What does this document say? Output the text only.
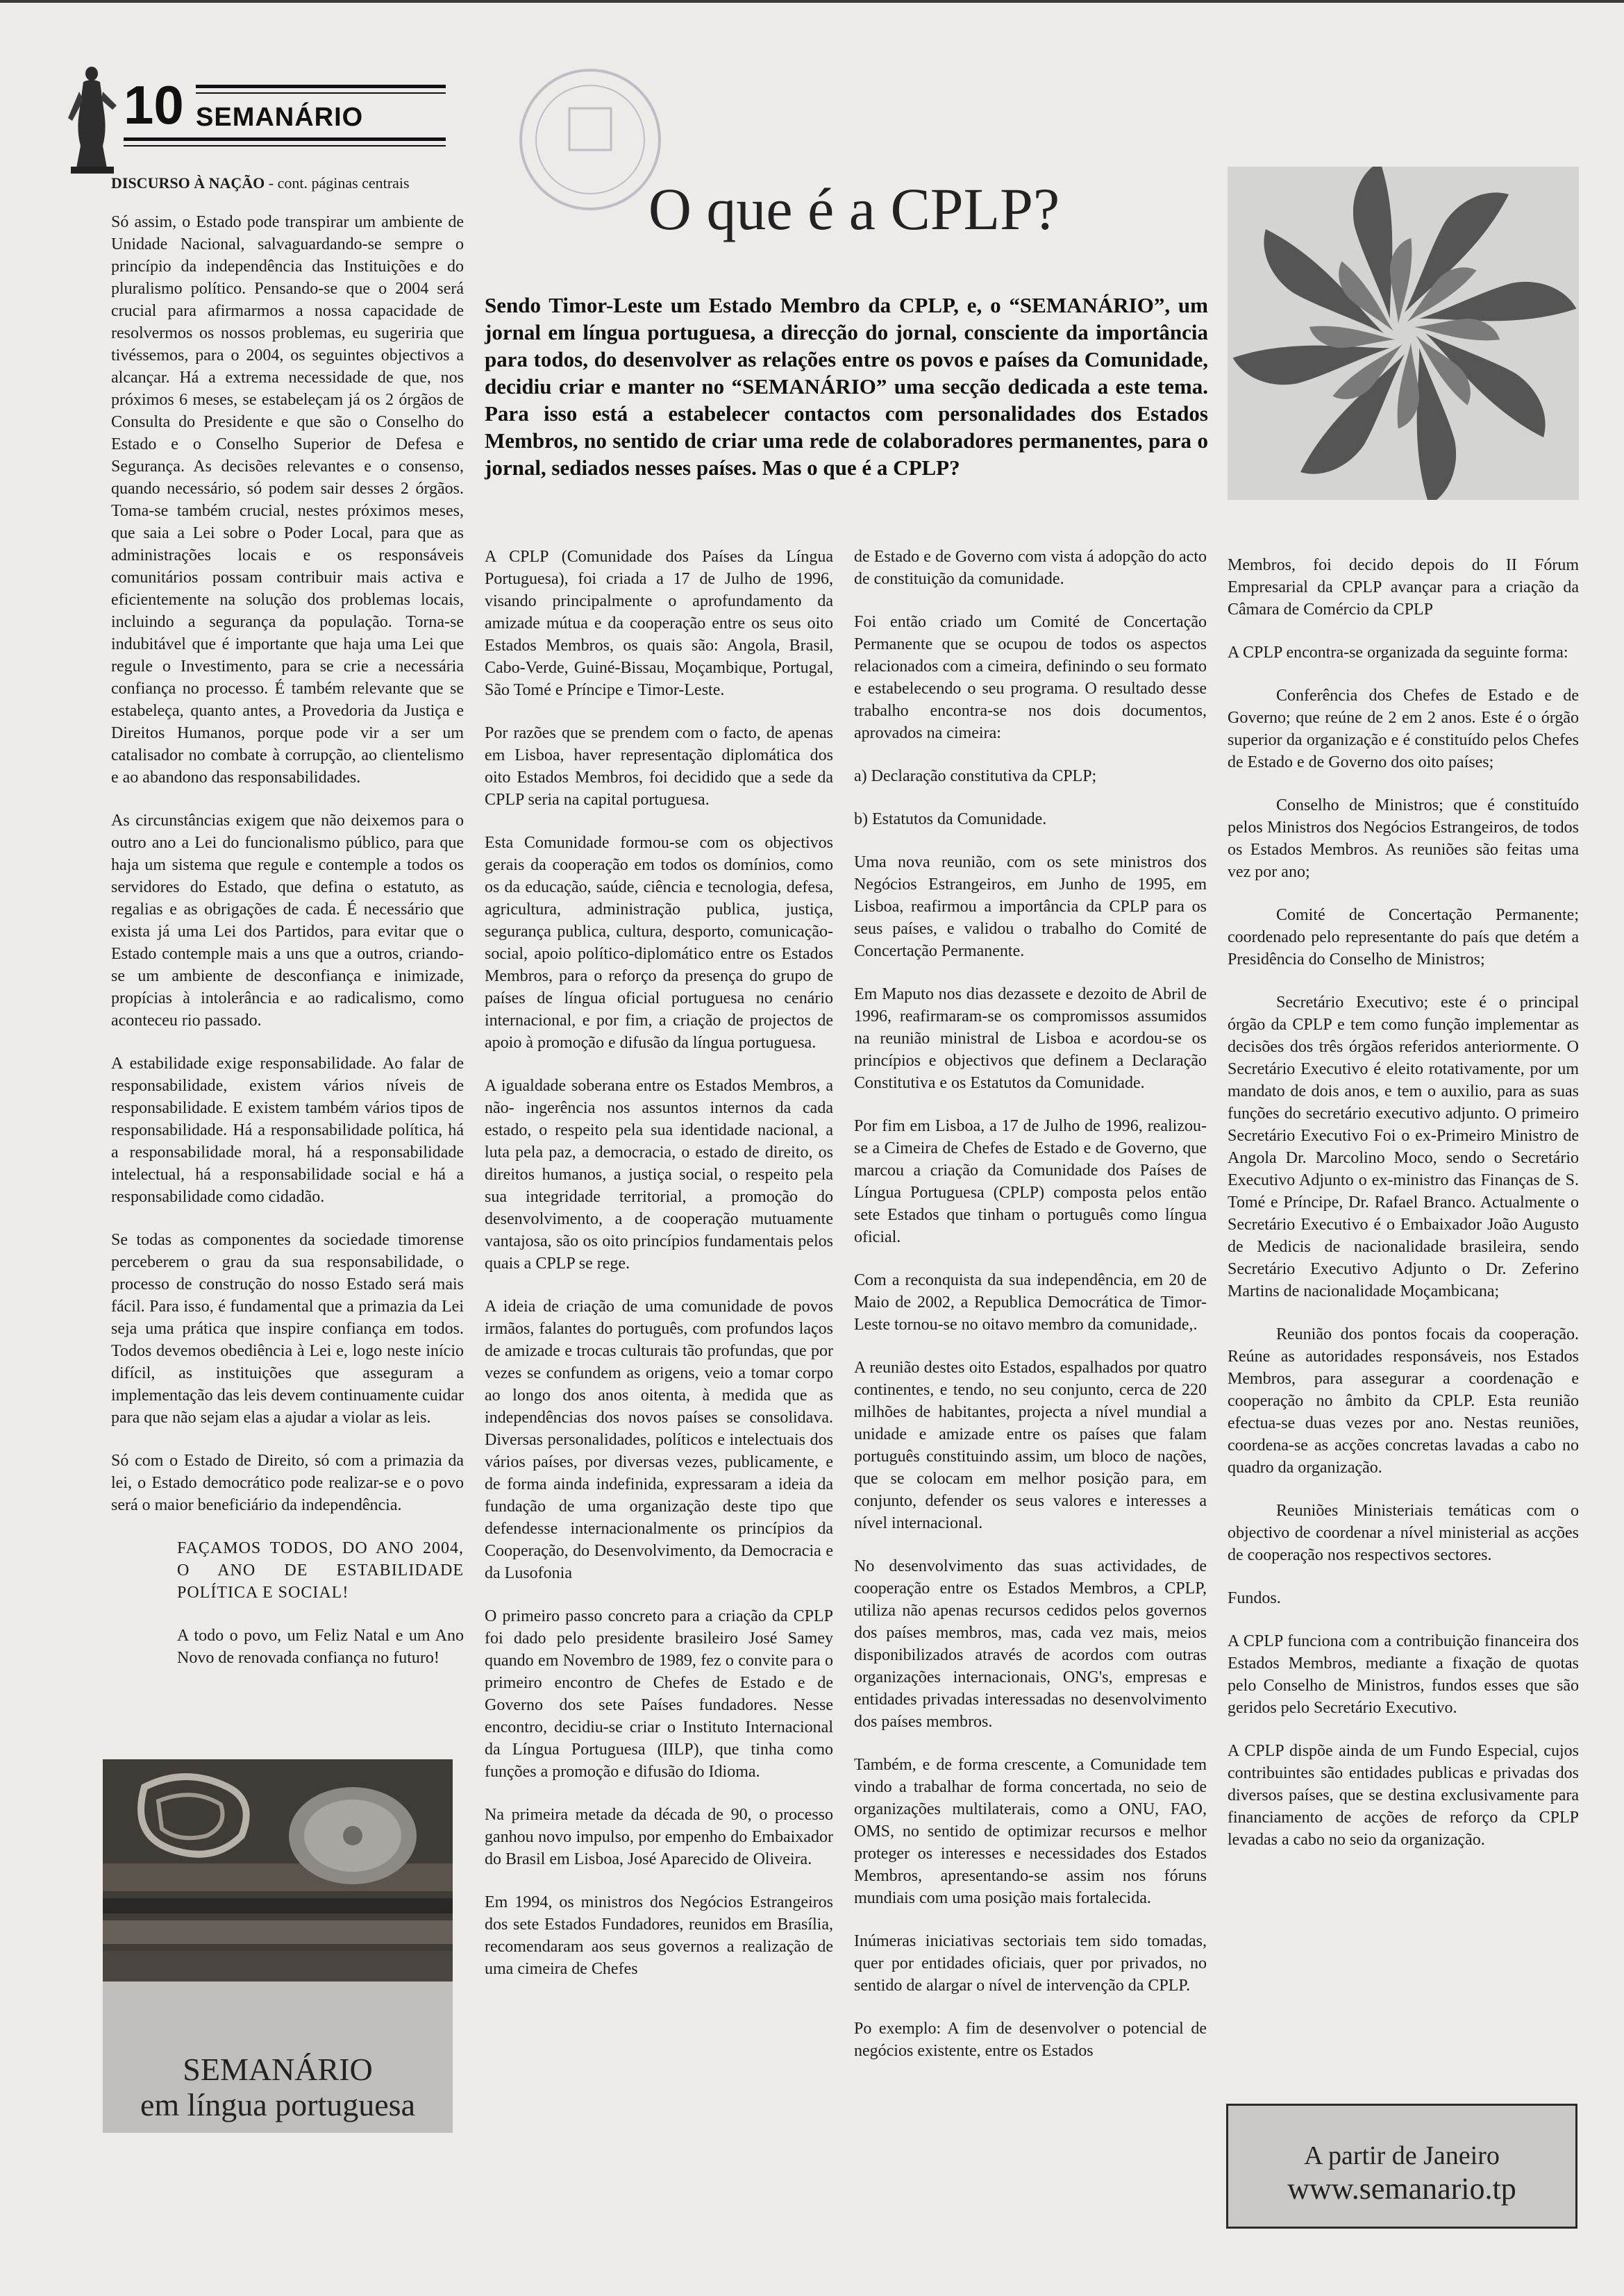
10 SEMANÁRIO

DISCURSO À NAÇÃO - cont. páginas centrais

Só assim, o Estado pode transpirar um ambiente de Unidade Nacional, salvaguardando-se sempre o princípio da independência das Instituições e do pluralismo político. Pensando-se que o 2004 será crucial para afirmarmos a nossa capacidade de resolvermos os nossos problemas, eu sugeriria que tivéssemos, para o 2004, os seguintes objectivos a alcançar. Há a extrema necessidade de que, nos próximos 6 meses, se estabeleçam já os 2 órgãos de Consulta do Presidente e que são o Conselho do Estado e o Conselho Superior de Defesa e Segurança. As decisões relevantes e o consenso, quando necessário, só podem sair desses 2 órgãos. Toma-se também crucial, nestes próximos meses, que saia a Lei sobre o Poder Local, para que as administrações locais e os responsáveis comunitários possam contribuir mais activa e eficientemente na solução dos problemas locais, incluindo a segurança da população. Torna-se indubitável que é importante que haja uma Lei que regule o Investimento, para se crie a necessária confiança no processo. É também relevante que se estabeleça, quanto antes, a Provedoria da Justiça e Direitos Humanos, porque pode vir a ser um catalisador no combate à corrupção, ao clientelismo e ao abandono das responsabilidades.

As circunstâncias exigem que não deixemos para o outro ano a Lei do funcionalismo público, para que haja um sistema que regule e contemple a todos os servidores do Estado, que defina o estatuto, as regalias e as obrigações de cada. É necessário que exista já uma Lei dos Partidos, para evitar que o Estado contemple mais a uns que a outros, criando-se um ambiente de desconfiança e inimizade, propícias à intolerância e ao radicalismo, como aconteceu rio passado.

A estabilidade exige responsabilidade. Ao falar de responsabilidade, existem vários níveis de responsabilidade. E existem também vários tipos de responsabilidade. Há a responsabilidade política, há a responsabilidade moral, há a responsabilidade intelectual, há a responsabilidade social e há a responsabilidade como cidadão.

Se todas as componentes da sociedade timorense perceberem o grau da sua responsabilidade, o processo de construção do nosso Estado será mais fácil. Para isso, é fundamental que a primazia da Lei seja uma prática que inspire confiança em todos. Todos devemos obediência à Lei e, logo neste início difícil, as instituições que asseguram a implementação das leis devem continuamente cuidar para que não sejam elas a ajudar a violar as leis.

Só com o Estado de Direito, só com a primazia da lei, o Estado democrático pode realizar-se e o povo será o maior beneficiário da independência.

FAÇAMOS TODOS, DO ANO 2004, O ANO DE ESTABILIDADE POLÍTICA E SOCIAL!

A todo o povo, um Feliz Natal e um Ano Novo de renovada confiança no futuro!

SEMANÁRIO
em língua portuguesa
O que é a CPLP?
Sendo Timor-Leste um Estado Membro da CPLP, e, o “SEMANÁRIO”, um jornal em língua portuguesa, a direcção do jornal, consciente da importância para todos, do desenvolver as relações entre os povos e países da Comunidade, decidiu criar e manter no “SEMANÁRIO” uma secção dedicada a este tema. Para isso está a estabelecer contactos com personalidades dos Estados Membros, no sentido de criar uma rede de colaboradores permanentes, para o jornal, sediados nesses países. Mas o que é a CPLP?

A CPLP (Comunidade dos Países da Língua Portuguesa), foi criada a 17 de Julho de 1996, visando principalmente o aprofundamento da amizade mútua e da cooperação entre os seus oito Estados Membros, os quais são: Angola, Brasil, Cabo-Verde, Guiné-Bissau, Moçambique, Portugal, São Tomé e Príncipe e Timor-Leste.

Por razões que se prendem com o facto, de apenas em Lisboa, haver representação diplomática dos oito Estados Membros, foi decidido que a sede da CPLP seria na capital portuguesa.

Esta Comunidade formou-se com os objectivos gerais da cooperação em todos os domínios, como os da educação, saúde, ciência e tecnologia, defesa, agricultura, administração publica, justiça, segurança publica, cultura, desporto, comunicação- social, apoio político-diplomático entre os Estados Membros, para o reforço da presença do grupo de países de língua oficial portuguesa no cenário internacional, e por fim, a criação de projectos de apoio à promoção e difusão da língua portuguesa.

A igualdade soberana entre os Estados Membros, a não- ingerência nos assuntos internos da cada estado, o respeito pela sua identidade nacional, a luta pela paz, a democracia, o estado de direito, os direitos humanos, a justiça social, o respeito pela sua integridade territorial, a promoção do desenvolvimento, a de cooperação mutuamente vantajosa, são os oito princípios fundamentais pelos quais a CPLP se rege.

A ideia de criação de uma comunidade de povos irmãos, falantes do português, com profundos laços de amizade e trocas culturais tão profundas, que por vezes se confundem as origens, veio a tomar corpo ao longo dos anos oitenta, à medida que as independências dos novos países se consolidava. Diversas personalidades, políticos e intelectuais dos vários países, por diversas vezes, publicamente, e de forma ainda indefinida, expressaram a ideia da fundação de uma organização deste tipo que defendesse internacionalmente os princípios da Cooperação, do Desenvolvimento, da Democracia e da Lusofonia

O primeiro passo concreto para a criação da CPLP foi dado pelo presidente brasileiro José Samey quando em Novembro de 1989, fez o convite para o primeiro encontro de Chefes de Estado e de Governo dos sete Países fundadores. Nesse encontro, decidiu-se criar o Instituto Internacional da Língua Portuguesa (IILP), que tinha como funções a promoção e difusão do Idioma.

Na primeira metade da década de 90, o processo ganhou novo impulso, por empenho do Embaixador do Brasil em Lisboa, José Aparecido de Oliveira.

Em 1994, os ministros dos Negócios Estrangeiros dos sete Estados Fundadores, reunidos em Brasília, recomendaram aos seus governos a realização de uma cimeira de Chefes

de Estado e de Governo com vista á adopção do acto de constituição da comunidade.

Foi então criado um Comité de Concertação Permanente que se ocupou de todos os aspectos relacionados com a cimeira, definindo o seu formato e estabelecendo o seu programa. O resultado desse trabalho encontra-se nos dois documentos, aprovados na cimeira:

a) Declaração constitutiva da CPLP;

b) Estatutos da Comunidade.

Uma nova reunião, com os sete ministros dos Negócios Estrangeiros, em Junho de 1995, em Lisboa, reafirmou a importância da CPLP para os seus países, e validou o trabalho do Comité de Concertação Permanente.

Em Maputo nos dias dezassete e dezoito de Abril de 1996, reafirmaram-se os compromissos assumidos na reunião ministral de Lisboa e acordou-se os princípios e objectivos que definem a Declaração Constitutiva e os Estatutos da Comunidade.

Por fim em Lisboa, a 17 de Julho de 1996, realizou-se a Cimeira de Chefes de Estado e de Governo, que marcou a criação da Comunidade dos Países de Língua Portuguesa (CPLP) composta pelos então sete Estados que tinham o português como língua oficial.

Com a reconquista da sua independência, em 20 de Maio de 2002, a Republica Democrática de Timor-Leste tornou-se no oitavo membro da comunidade,.

A reunião destes oito Estados, espalhados por quatro continentes, e tendo, no seu conjunto, cerca de 220 milhões de habitantes, projecta a nível mundial a unidade e amizade entre os países que falam português constituindo assim, um bloco de nações, que se colocam em melhor posição para, em conjunto, defender os seus valores e interesses a nível internacional.

No desenvolvimento das suas actividades, de cooperação entre os Estados Membros, a CPLP, utiliza não apenas recursos cedidos pelos governos dos países membros, mas, cada vez mais, meios disponibilizados através de acordos com outras organizações internacionais, ONG's, empresas e entidades privadas interessadas no desenvolvimento dos países membros.

Também, e de forma crescente, a Comunidade tem vindo a trabalhar de forma concertada, no seio de organizações multilaterais, como a ONU, FAO, OMS, no sentido de optimizar recursos e melhor proteger os interesses e necessidades dos Estados Membros, apresentando-se assim nos fóruns mundiais com uma posição mais fortalecida.

Inúmeras iniciativas sectoriais tem sido tomadas, quer por entidades oficiais, quer por privados, no sentido de alargar o nível de intervenção da CPLP.

Po exemplo: A fim de desenvolver o potencial de negócios existente, entre os Estados

Membros, foi decido depois do II Fórum Empresarial da CPLP avançar para a criação da Câmara de Comércio da CPLP

A CPLP encontra-se organizada da seguinte forma:

Conferência dos Chefes de Estado e de Governo; que reúne de 2 em 2 anos. Este é o órgão superior da organização e é constituído pelos Chefes de Estado e de Governo dos oito países;

Conselho de Ministros; que é constituído pelos Ministros dos Negócios Estrangeiros, de todos os Estados Membros. As reuniões são feitas uma vez por ano;

Comité de Concertação Permanente; coordenado pelo representante do país que detém a Presidência do Conselho de Ministros;

Secretário Executivo; este é o principal órgão da CPLP e tem como função implementar as decisões dos três órgãos referidos anteriormente. O Secretário Executivo é eleito rotativamente, por um mandato de dois anos, e tem o auxilio, para as suas funções do secretário executivo adjunto. O primeiro Secretário Executivo Foi o ex-Primeiro Ministro de Angola Dr. Marcolino Moco, sendo o Secretário Executivo Adjunto o ex-ministro das Finanças de S. Tomé e Príncipe, Dr. Rafael Branco. Actualmente o Secretário Executivo é o Embaixador João Augusto de Medicis de nacionalidade brasileira, sendo Secretário Executivo Adjunto o Dr. Zeferino Martins de nacionalidade Moçambicana;

Reunião dos pontos focais da cooperação. Reúne as autoridades responsáveis, nos Estados Membros, para assegurar a coordenação e cooperação no âmbito da CPLP. Esta reunião efectua-se duas vezes por ano. Nestas reuniões, coordena-se as acções concretas lavadas a cabo no quadro da organização.

Reuniões Ministeriais temáticas com o objectivo de coordenar a nível ministerial as acções de cooperação nos respectivos sectores.

Fundos.

A CPLP funciona com a contribuição financeira dos Estados Membros, mediante a fixação de quotas pelo Conselho de Ministros, fundos esses que são geridos pelo Secretário Executivo.

A CPLP dispõe ainda de um Fundo Especial, cujos contribuintes são entidades publicas e privadas dos diversos países, que se destina exclusivamente para financiamento de acções de reforço da CPLP levadas a cabo no seio da organização.

A partir de Janeiro
www.semanario.tp
